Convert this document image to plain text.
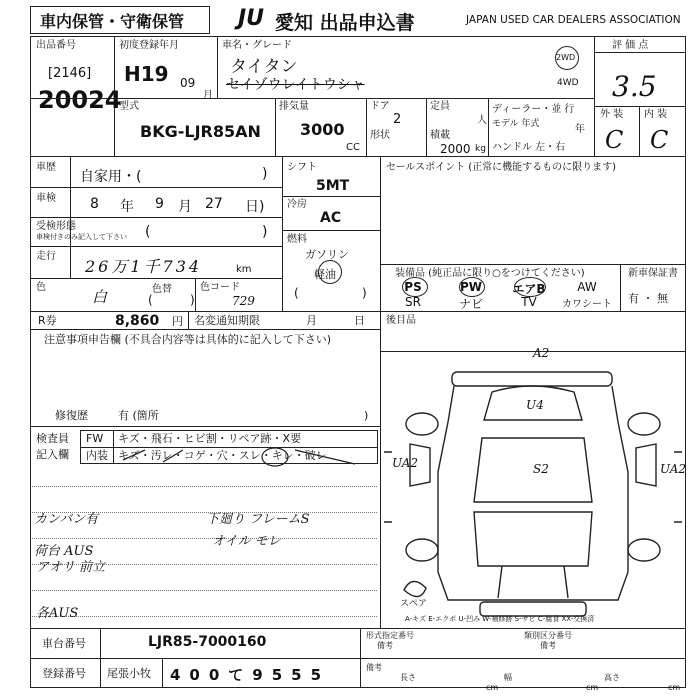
車内保管・守衛保管 JU 愛知 出品申込書	JAPAN USED CAR DEALERS ASSOCIATION
出品番号
[2146]
20024
初度登録年月
H19 09
月
車名・グレード
タイタン
セイゾウレイトウシャ
2WD
4WD
評 価 点
3.5
外 装 内 装
C C
型式
BKG-LJR85AN
排気量
3000
CC
ドア
2
形状
定員
人
積載
2000 kg
ディーラー・並 行
モデル 年式	年
ハンドル 左・右
車歴
自家用・(	)
車検 8 年 9 月 27 日)
受検形態
車検付きのみ記入して下さい (	)
走行
26万1千734	km
色
白	色替
(	)
色コード
729
シフト
5MT
冷房
AC
燃料
ガソリン
軽油
(	)
セールスポイント (正常に機能するものに限ります)
装備品 (純正品に限り○をつけてください)	新車保証書
有 ・ 無
PS	PW	エアB	AW
SR	ナビ	TV	カワシート
R券	8,860 円 名変通知期限	月	日 後目品
注意事項申告欄 (不具合内容等は具体的に記入して下さい)
修復歴	有 (箇所	)
検査員
記入欄
FW キズ・飛石・ヒビ割・リペア跡・X要
内装 キズ・汚レ・コゲ・穴・スレ・キレ・破レ
カンバン有
荷台 AUS
アオリ 前立
下廻り フレームS
オイル モレ
各AUS
A2
U4
UA2	S2	UA2
スペア
A-キズ E-エクボ U-凹み W-補修跡 S-サビ C-腐食 XX-交換済
車台番号	LJR85-7000160
登録番号 尾張小牧 400て9555
形式指定番号
備考
類別区分番号
備考
備考
長さ
cm
幅
cm
高さ
cm
